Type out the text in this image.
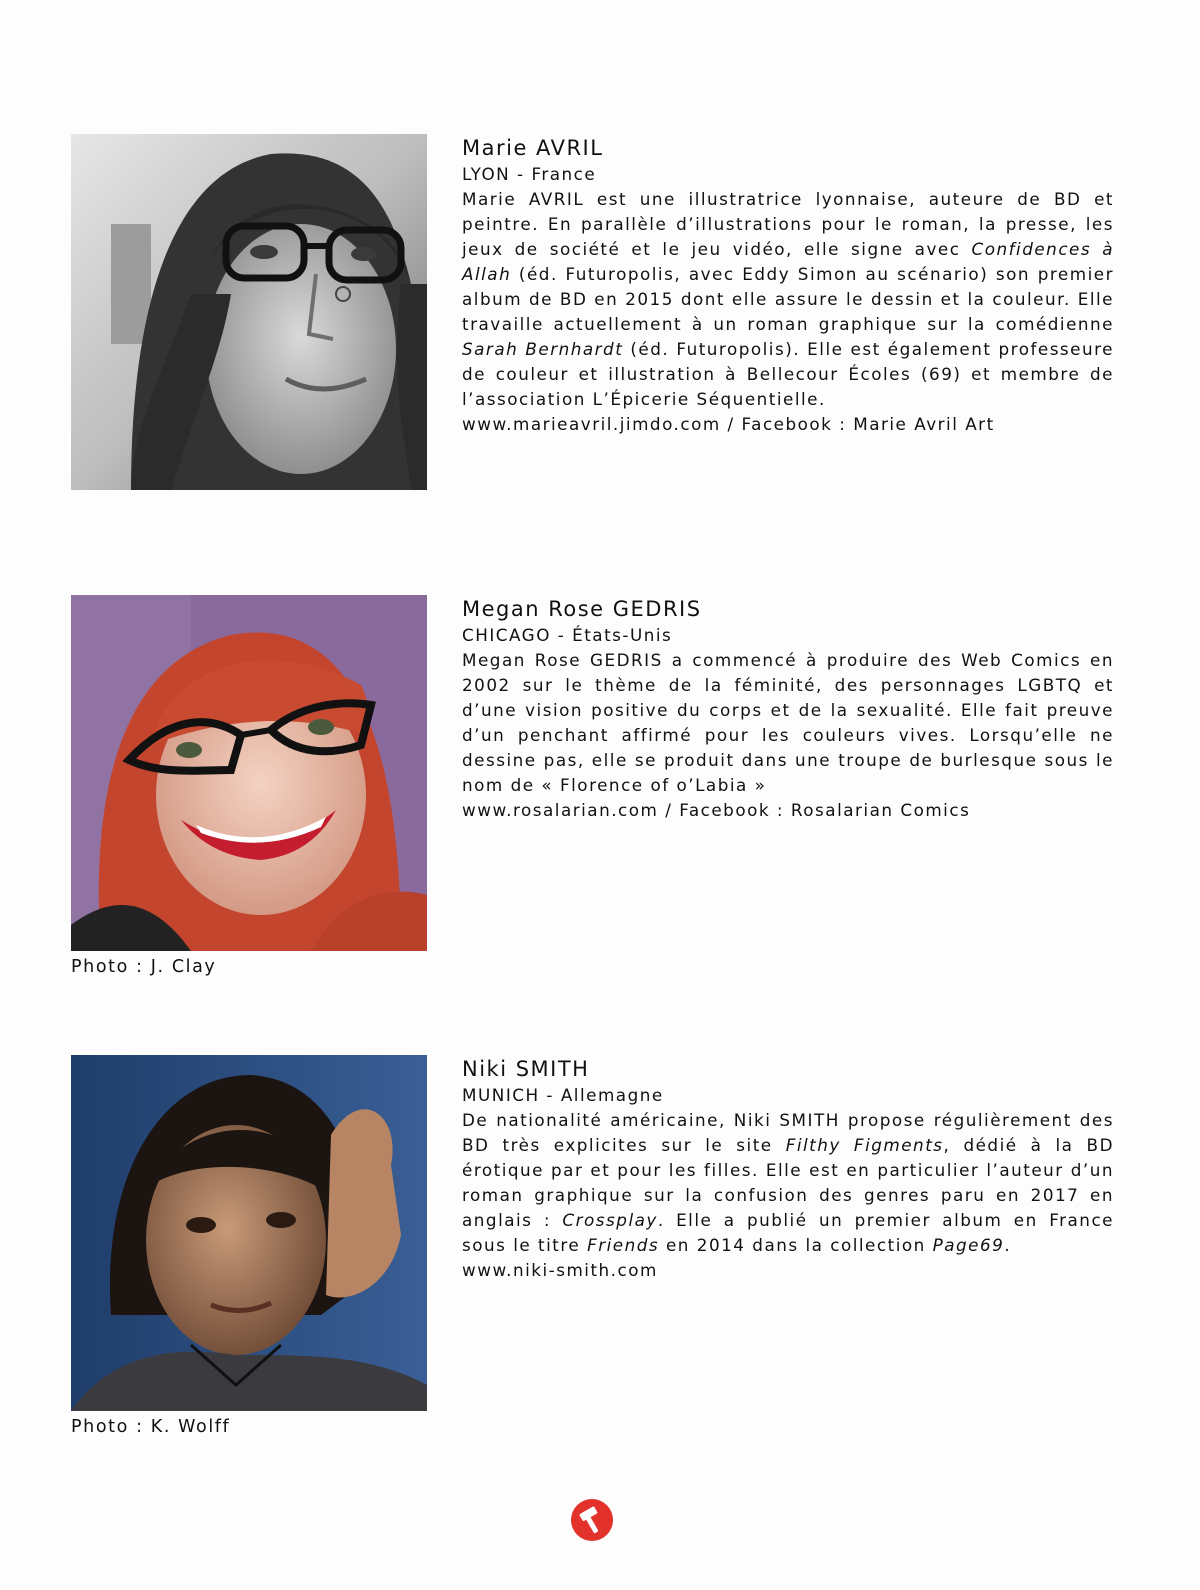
Marie AVRIL
LYON - France
Marie AVRIL est une illustratrice lyonnaise, auteure de BD et peintre. En parallèle d’illustrations pour le roman, la presse, les jeux de société et le jeu vidéo, elle signe avec Confidences à Allah (éd. Futuropolis, avec Eddy Simon au scénario) son premier album de BD en 2015 dont elle assure le dessin et la couleur. Elle travaille actuellement à un roman graphique sur la comédienne Sarah Bernhardt (éd. Futuropolis). Elle est également professeure de couleur et illustration à Bellecour Écoles (69) et membre de l’association L’Épicerie Séquentielle.
www.marieavril.jimdo.com / Facebook : Marie Avril Art
Photo : J. Clay
Megan Rose GEDRIS
CHICAGO - États-Unis
Megan Rose GEDRIS a commencé à produire des Web Comics en 2002 sur le thème de la féminité, des personnages LGBTQ et d’une vision positive du corps et de la sexualité. Elle fait preuve d’un penchant affirmé pour les couleurs vives. Lorsqu’elle ne dessine pas, elle se produit dans une troupe de burlesque sous le nom de « Florence of o’Labia »
www.rosalarian.com / Facebook : Rosalarian Comics
Photo : K. Wolff
Niki SMITH
MUNICH - Allemagne
De nationalité américaine, Niki SMITH propose régulièrement des BD très explicites sur le site Filthy Figments, dédié à la BD érotique par et pour les filles. Elle est en particulier l’auteur d’un roman graphique sur la confusion des genres paru en 2017 en anglais : Crossplay. Elle a publié un premier album en France sous le titre Friends en 2014 dans la collection Page69.
www.niki-smith.com
